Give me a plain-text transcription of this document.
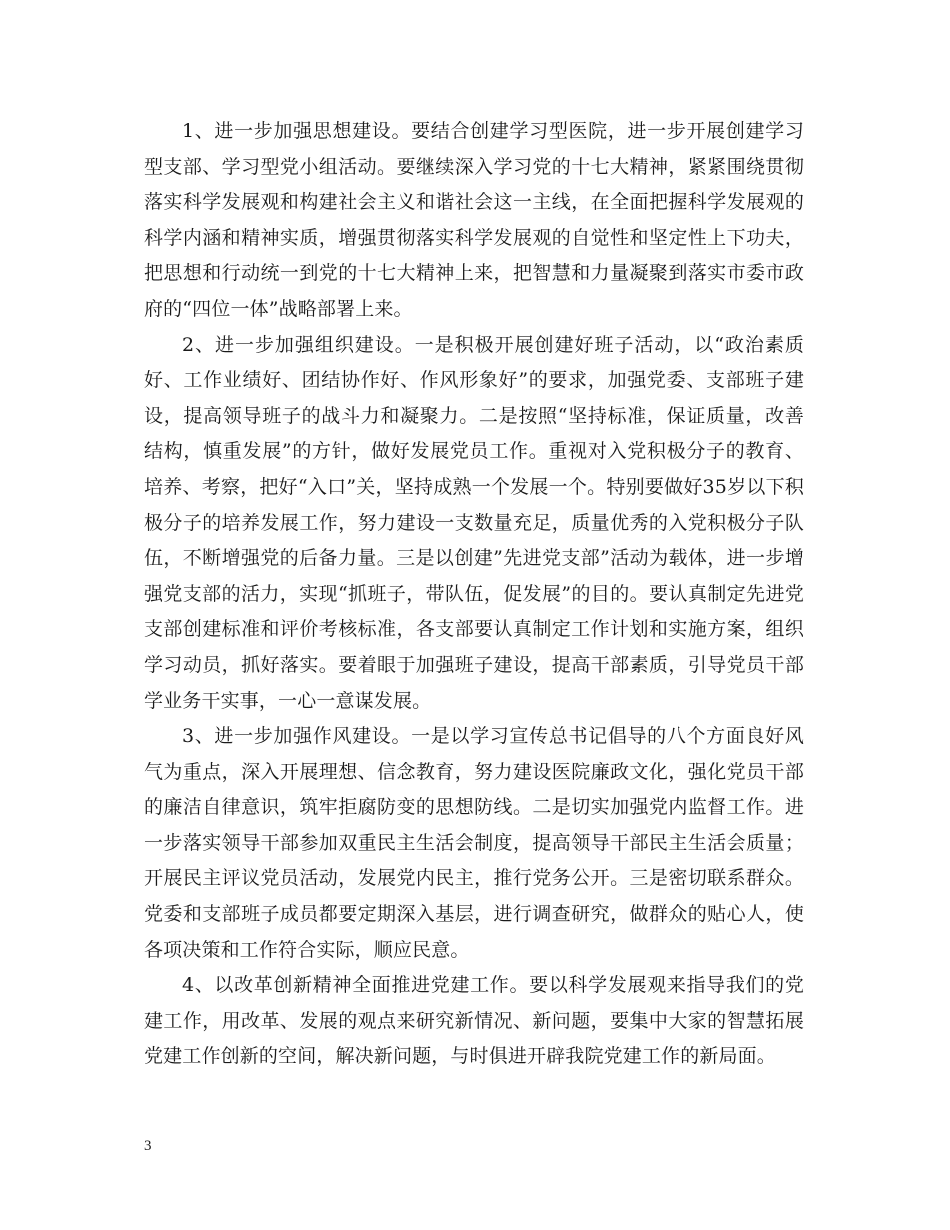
1、进一步加强思想建设。要结合创建学习型医院，进一步开展创建学习型支部、学习型党小组活动。要继续深入学习党的十七大精神，紧紧围绕贯彻落实科学发展观和构建社会主义和谐社会这一主线，在全面把握科学发展观的科学内涵和精神实质，增强贯彻落实科学发展观的自觉性和坚定性上下功夫，把思想和行动统一到党的十七大精神上来，把智慧和力量凝聚到落实市委市政府的“四位一体”战略部署上来。

2、进一步加强组织建设。一是积极开展创建好班子活动，以“政治素质好、工作业绩好、团结协作好、作风形象好”的要求，加强党委、支部班子建设，提高领导班子的战斗力和凝聚力。二是按照“坚持标准，保证质量，改善结构，慎重发展”的方针，做好发展党员工作。重视对入党积极分子的教育、培养、考察，把好“入口”关，坚持成熟一个发展一个。特别要做好35岁以下积极分子的培养发展工作，努力建设一支数量充足，质量优秀的入党积极分子队伍，不断增强党的后备力量。三是以创建”先进党支部”活动为载体，进一步增强党支部的活力，实现“抓班子，带队伍，促发展”的目的。要认真制定先进党支部创建标准和评价考核标准，各支部要认真制定工作计划和实施方案，组织学习动员，抓好落实。要着眼于加强班子建设，提高干部素质，引导党员干部学业务干实事，一心一意谋发展。

3、进一步加强作风建设。一是以学习宣传总书记倡导的八个方面良好风气为重点，深入开展理想、信念教育，努力建设医院廉政文化，强化党员干部的廉洁自律意识，筑牢拒腐防变的思想防线。二是切实加强党内监督工作。进一步落实领导干部参加双重民主生活会制度，提高领导干部民主生活会质量；开展民主评议党员活动，发展党内民主，推行党务公开。三是密切联系群众。党委和支部班子成员都要定期深入基层，进行调查研究，做群众的贴心人，使各项决策和工作符合实际，顺应民意。

4、以改革创新精神全面推进党建工作。要以科学发展观来指导我们的党建工作，用改革、发展的观点来研究新情况、新问题，要集中大家的智慧拓展党建工作创新的空间，解决新问题，与时俱进开辟我院党建工作的新局面。

3
